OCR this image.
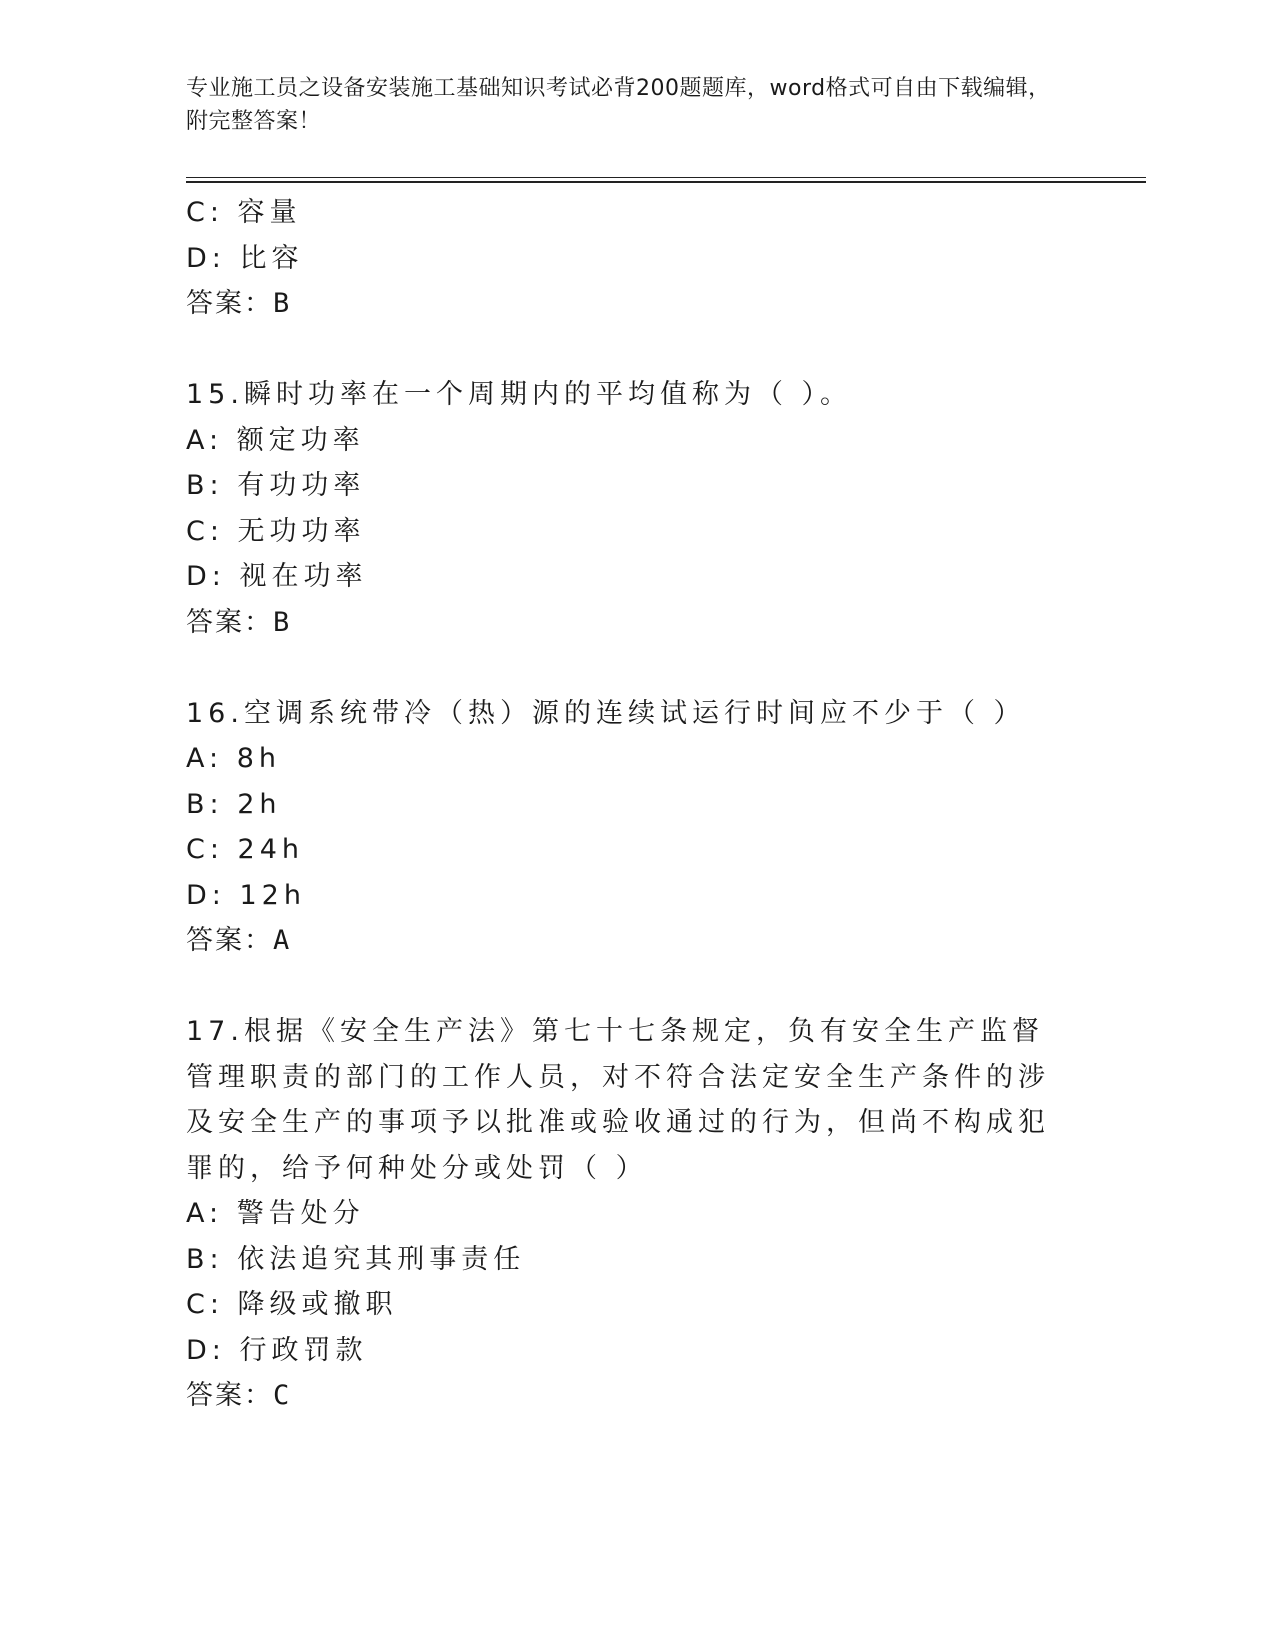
专业施工员之设备安装施工基础知识考试必背200题题库，word格式可自由下载编辑，附完整答案！
C: 容量
D: 比容
答案：B
15.瞬时功率在一个周期内的平均值称为（ ）。
A: 额定功率
B: 有功功率
C: 无功功率
D: 视在功率
答案：B
16.空调系统带冷（热）源的连续试运行时间应不少于（ ）
A: 8h
B: 2h
C: 24h
D: 12h
答案：A
17.根据《安全生产法》第七十七条规定，负有安全生产监督管理职责的部门的工作人员，对不符合法定安全生产条件的涉及安全生产的事项予以批准或验收通过的行为，但尚不构成犯罪的，给予何种处分或处罚（ ）
A: 警告处分
B: 依法追究其刑事责任
C: 降级或撤职
D: 行政罚款
答案：C
